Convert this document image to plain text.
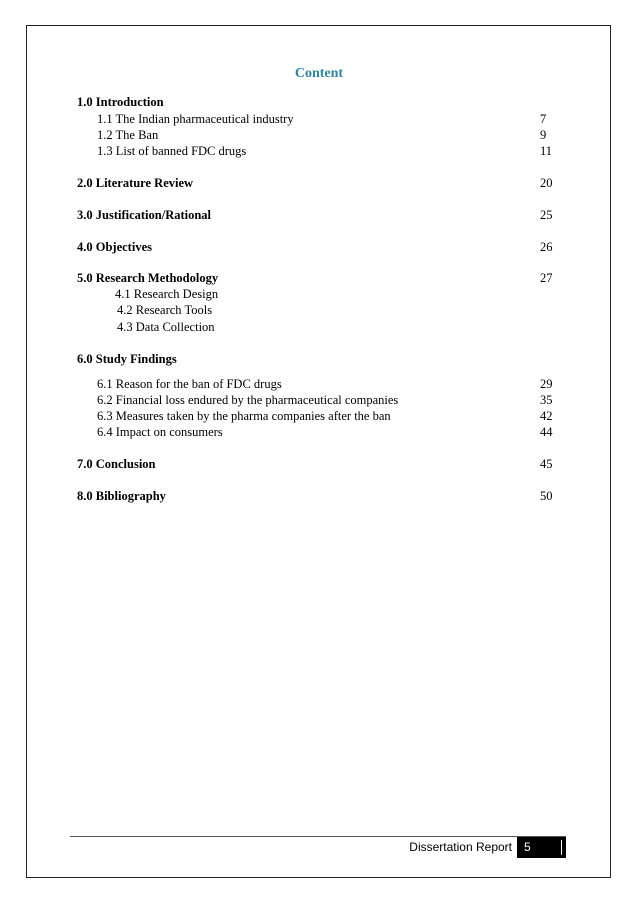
Content
1.0 Introduction
1.1 The Indian pharmaceutical industry	7
1.2 The Ban	9
1.3 List of banned FDC drugs	11
2.0 Literature Review	20
3.0 Justification/Rational	25
4.0 Objectives	26
5.0 Research Methodology	27
4.1 Research Design
4.2 Research Tools
4.3 Data Collection
6.0 Study Findings
6.1 Reason for the ban of FDC drugs	29
6.2 Financial loss endured by the pharmaceutical companies	35
6.3 Measures taken by the pharma companies after the ban	42
6.4 Impact on consumers	44
7.0 Conclusion	45
8.0 Bibliography	50
Dissertation Report	5
